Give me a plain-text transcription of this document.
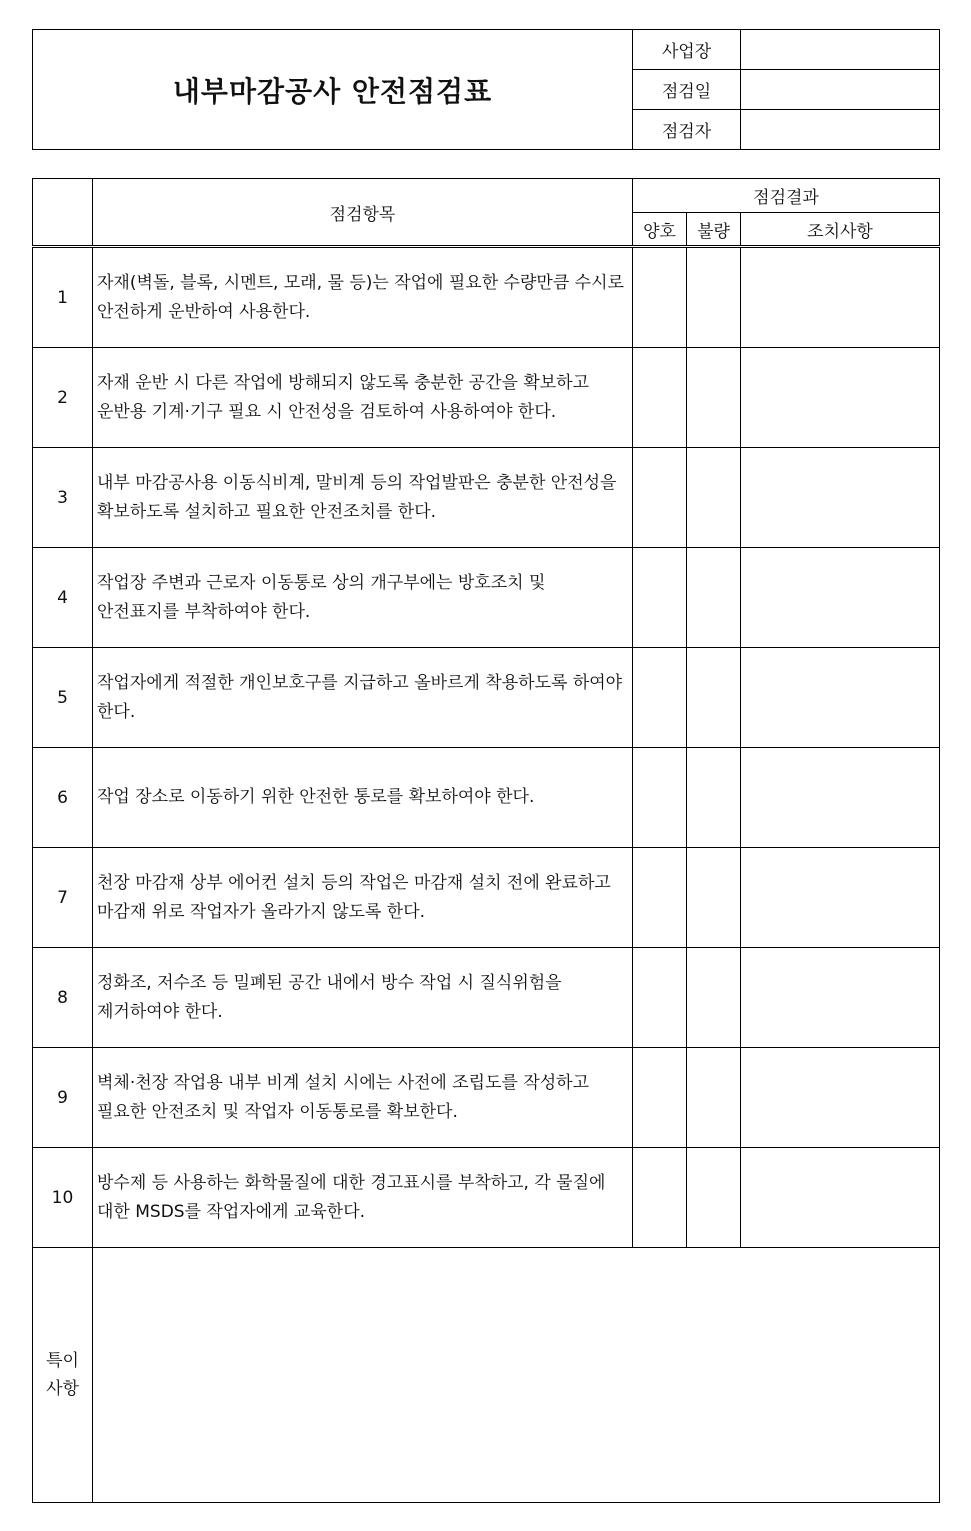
내부마감공사 안전점검표	사업장	
	점검일	
	점검자	
	점검항목	점검결과		
		양호	불량	조치사항
1	자재(벽돌, 블록, 시멘트, 모래, 물 등)는 작업에 필요한 수량만큼 수시로 안전하게 운반하여 사용한다.			
2	자재 운반 시 다른 작업에 방해되지 않도록 충분한 공간을 확보하고 운반용 기계·기구 필요 시 안전성을 검토하여 사용하여야 한다.			
3	내부 마감공사용 이동식비계, 말비계 등의 작업발판은 충분한 안전성을 확보하도록 설치하고 필요한 안전조치를 한다.			
4	작업장 주변과 근로자 이동통로 상의 개구부에는 방호조치 및 안전표지를 부착하여야 한다.			
5	작업자에게 적절한 개인보호구를 지급하고 올바르게 착용하도록 하여야 한다.			
6	작업 장소로 이동하기 위한 안전한 통로를 확보하여야 한다.			
7	천장 마감재 상부 에어컨 설치 등의 작업은 마감재 설치 전에 완료하고 마감재 위로 작업자가 올라가지 않도록 한다.			
8	정화조, 저수조 등 밀폐된 공간 내에서 방수 작업 시 질식위험을 제거하여야 한다.			
9	벽체·천장 작업용 내부 비계 설치 시에는 사전에 조립도를 작성하고 필요한 안전조치 및 작업자 이동통로를 확보한다.			
10	방수제 등 사용하는 화학물질에 대한 경고표시를 부착하고, 각 물질에 대한 MSDS를 작업자에게 교육한다.			

특이
사항				
